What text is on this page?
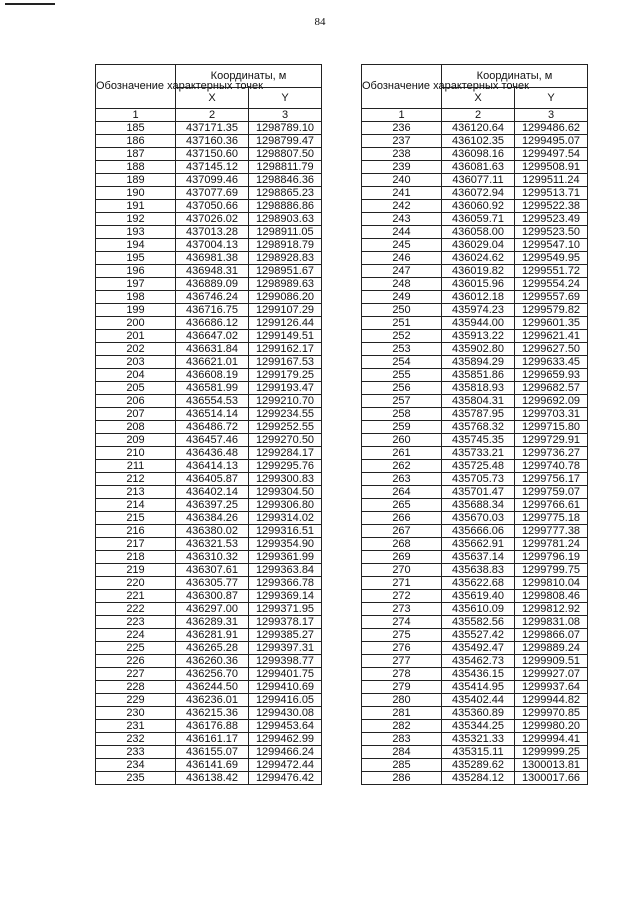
84
Обозначение характерных точек	Координаты, м	
	X	Y
1	2	3
185	437171.35	1298789.10
186	437160.36	1298799.47
187	437150.60	1298807.50
188	437145.12	1298811.79
189	437099.46	1298846.36
190	437077.69	1298865.23
191	437050.66	1298886.86
192	437026.02	1298903.63
193	437013.28	1298911.05
194	437004.13	1298918.79
195	436981.38	1298928.83
196	436948.31	1298951.67
197	436889.09	1298989.63
198	436746.24	1299086.20
199	436716.75	1299107.29
200	436686.12	1299126.44
201	436647.02	1299149.51
202	436631.84	1299162.17
203	436621.01	1299167.53
204	436608.19	1299179.25
205	436581.99	1299193.47
206	436554.53	1299210.70
207	436514.14	1299234.55
208	436486.72	1299252.55
209	436457.46	1299270.50
210	436436.48	1299284.17
211	436414.13	1299295.76
212	436405.87	1299300.83
213	436402.14	1299304.50
214	436397.25	1299306.80
215	436384.26	1299314.02
216	436380.02	1299316.51
217	436321.53	1299354.90
218	436310.32	1299361.99
219	436307.61	1299363.84
220	436305.77	1299366.78
221	436300.87	1299369.14
222	436297.00	1299371.95
223	436289.31	1299378.17
224	436281.91	1299385.27
225	436265.28	1299397.31
226	436260.36	1299398.77
227	436256.70	1299401.75
228	436244.50	1299410.69
229	436236.01	1299416.05
230	436215.36	1299430.08
231	436176.88	1299453.64
232	436161.17	1299462.99
233	436155.07	1299466.24
234	436141.69	1299472.44
235	436138.42	1299476.42
Обозначение характерных точек	Координаты, м	
	X	Y
1	2	3
236	436120.64	1299486.62
237	436102.35	1299495.07
238	436098.16	1299497.54
239	436081.63	1299508.91
240	436077.11	1299511.24
241	436072.94	1299513.71
242	436060.92	1299522.38
243	436059.71	1299523.49
244	436058.00	1299523.50
245	436029.04	1299547.10
246	436024.62	1299549.95
247	436019.82	1299551.72
248	436015.96	1299554.24
249	436012.18	1299557.69
250	435974.23	1299579.82
251	435944.00	1299601.35
252	435913.22	1299621.41
253	435902.80	1299627.50
254	435894.29	1299633.45
255	435851.86	1299659.93
256	435818.93	1299682.57
257	435804.31	1299692.09
258	435787.95	1299703.31
259	435768.32	1299715.80
260	435745.35	1299729.91
261	435733.21	1299736.27
262	435725.48	1299740.78
263	435705.73	1299756.17
264	435701.47	1299759.07
265	435688.34	1299766.61
266	435670.03	1299775.18
267	435666.06	1299777.38
268	435662.91	1299781.24
269	435637.14	1299796.19
270	435638.83	1299799.75
271	435622.68	1299810.04
272	435619.40	1299808.46
273	435610.09	1299812.92
274	435582.56	1299831.08
275	435527.42	1299866.07
276	435492.47	1299889.24
277	435462.73	1299909.51
278	435436.15	1299927.07
279	435414.95	1299937.64
280	435402.44	1299944.82
281	435360.89	1299970.85
282	435344.25	1299980.20
283	435321.33	1299994.41
284	435315.11	1299999.25
285	435289.62	1300013.81
286	435284.12	1300017.66
